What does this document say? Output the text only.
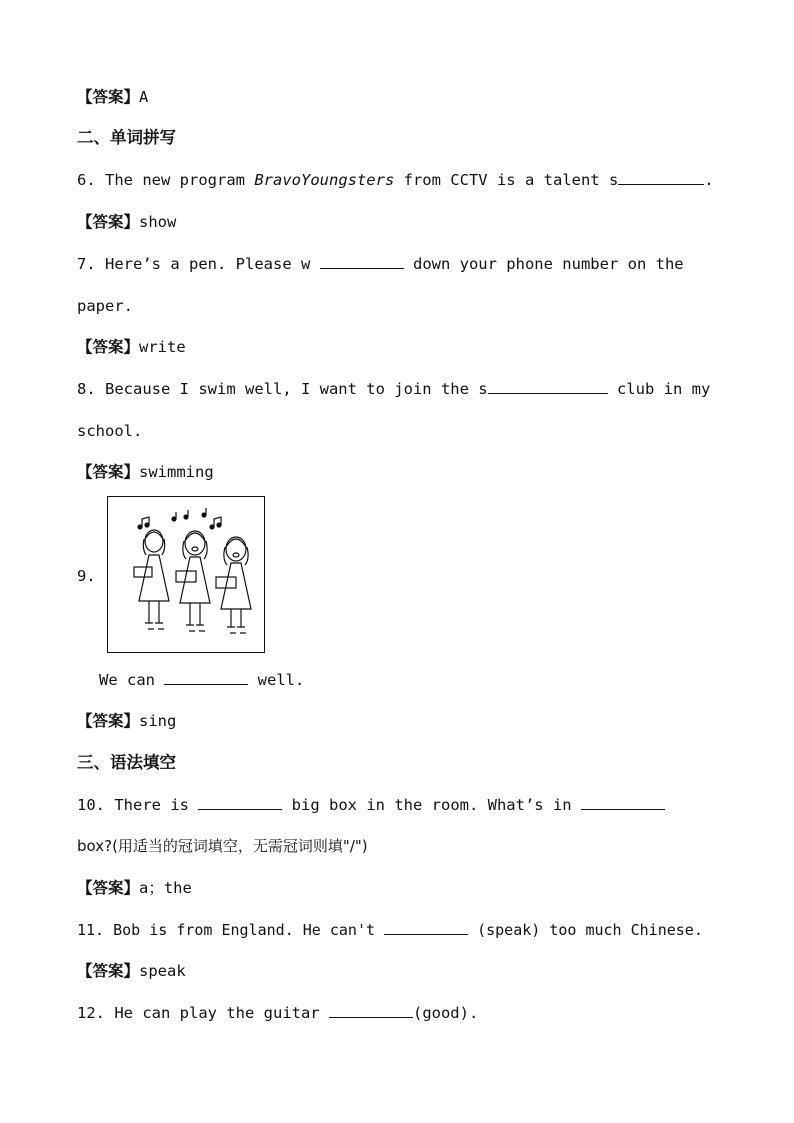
【答案】A
二、单词拼写
6. The new program BravoYoungsters from CCTV is a talent s	.
【答案】show
7. Here’s a pen. Please w	down your phone number on the
paper.
【答案】write
8. Because I swim well, I want to join the s	club in my
school.
【答案】swimming
9.
We can	well.
【答案】sing
三、语法填空
10. There is	big box in the room. What’s in
box?(用适当的冠词填空，无需冠词则填"/")
【答案】a；the
11. Bob is from England. He can't	(speak) too much Chinese.
【答案】speak
12. He can play the guitar	(good).
